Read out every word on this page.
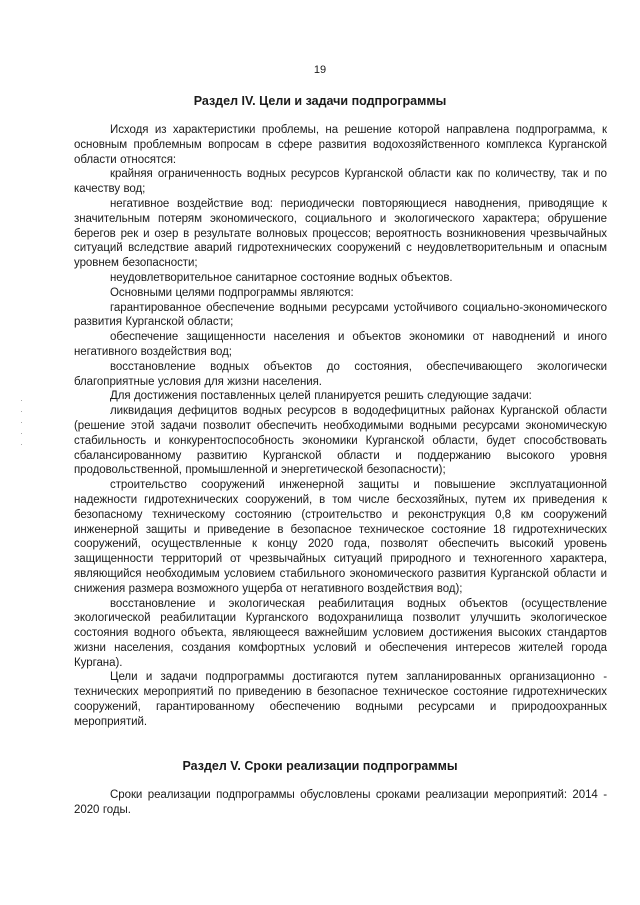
19
Раздел IV. Цели и задачи подпрограммы

Исходя из характеристики проблемы, на решение которой направлена подпрограмма, к основным проблемным вопросам в сфере развития водохозяйственного комплекса Курганской области относятся:

крайняя ограниченность водных ресурсов Курганской области как по количеству, так и по качеству вод;

негативное воздействие вод: периодически повторяющиеся наводнения, приводящие к значительным потерям экономического, социального и экологического характера; обрушение берегов рек и озер в результате волновых процессов; вероятность возникновения чрезвычайных ситуаций вследствие аварий гидротехнических сооружений с неудовлетворительным и опасным уровнем безопасности;

неудовлетворительное санитарное состояние водных объектов.

Основными целями подпрограммы являются:

гарантированное обеспечение водными ресурсами устойчивого социально-экономического развития Курганской области;

обеспечение защищенности населения и объектов экономики от наводнений и иного негативного воздействия вод;

восстановление водных объектов до состояния, обеспечивающего экологически благоприятные условия для жизни населения.

Для достижения поставленных целей планируется решить следующие задачи:

ликвидация дефицитов водных ресурсов в вододефицитных районах Курганской области (решение этой задачи позволит обеспечить необходимыми водными ресурсами экономическую стабильность и конкурентоспособность экономики Курганской области, будет способствовать сбалансированному развитию Курганской области и поддержанию высокого уровня продовольственной, промышленной и энергетической безопасности);

строительство сооружений инженерной защиты и повышение эксплуатационной надежности гидротехнических сооружений, в том числе бесхозяйных, путем их приведения к безопасному техническому состоянию (строительство и реконструкция 0,8 км сооружений инженерной защиты и приведение в безопасное техническое состояние 18 гидротехнических сооружений, осуществленные к концу 2020 года, позволят обеспечить высокий уровень защищенности территорий от чрезвычайных ситуаций природного и техногенного характера, являющийся необходимым условием стабильного экономического развития Курганской области и снижения размера возможного ущерба от негативного воздействия вод);

восстановление и экологическая реабилитация водных объектов (осуществление экологической реабилитации Курганского водохранилища позволит улучшить экологическое состояния водного объекта, являющееся важнейшим условием достижения высоких стандартов жизни населения, создания комфортных условий и обеспечения интересов жителей города Кургана).

Цели и задачи подпрограммы достигаются путем запланированных организационно - технических мероприятий по приведению в безопасное техническое состояние гидротехнических сооружений, гарантированному обеспечению водными ресурсами и природоохранных мероприятий.

Раздел V. Сроки реализации подпрограммы

Сроки реализации подпрограммы обусловлены сроками реализации мероприятий: 2014 - 2020 годы.

·
·
·
·
·
